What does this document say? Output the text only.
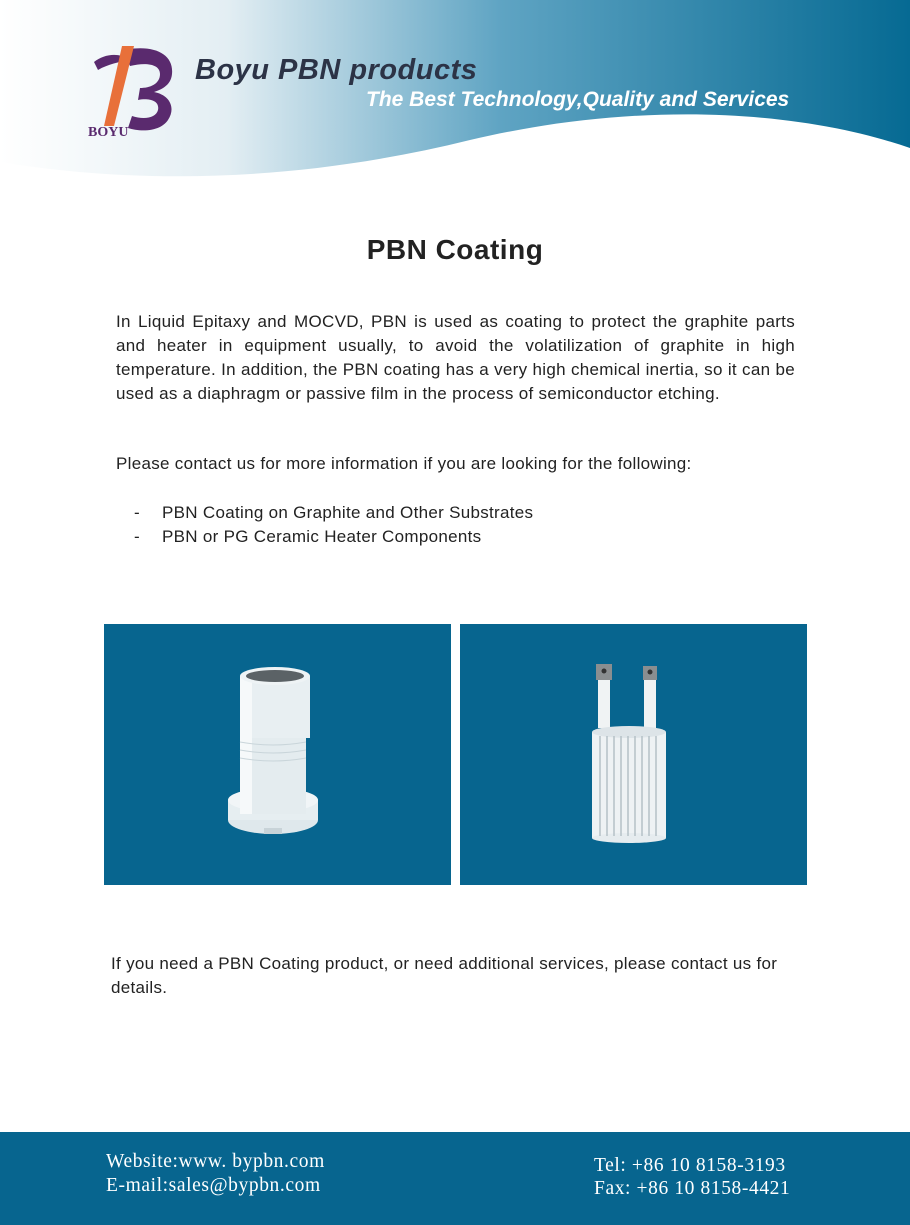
BOYU
Boyu PBN products
The Best Technology,Quality and Services
PBN Coating
In Liquid Epitaxy and MOCVD, PBN is used as coating to protect the graphite parts and heater in equipment usually, to avoid the volatilization of graphite in high temperature. In addition, the PBN coating has a very high chemical inertia, so it can be used as a diaphragm or passive film in the process of semiconductor etching.
Please contact us for more information if you are looking for the following:
-	PBN Coating on Graphite and Other Substrates
-	PBN or PG Ceramic Heater Components
If you need a PBN Coating product, or need additional services, please contact us for details.
Website:www. bypbn.com
E-mail:sales@bypbn.com
Tel: +86 10 8158-3193
Fax: +86 10 8158-4421
